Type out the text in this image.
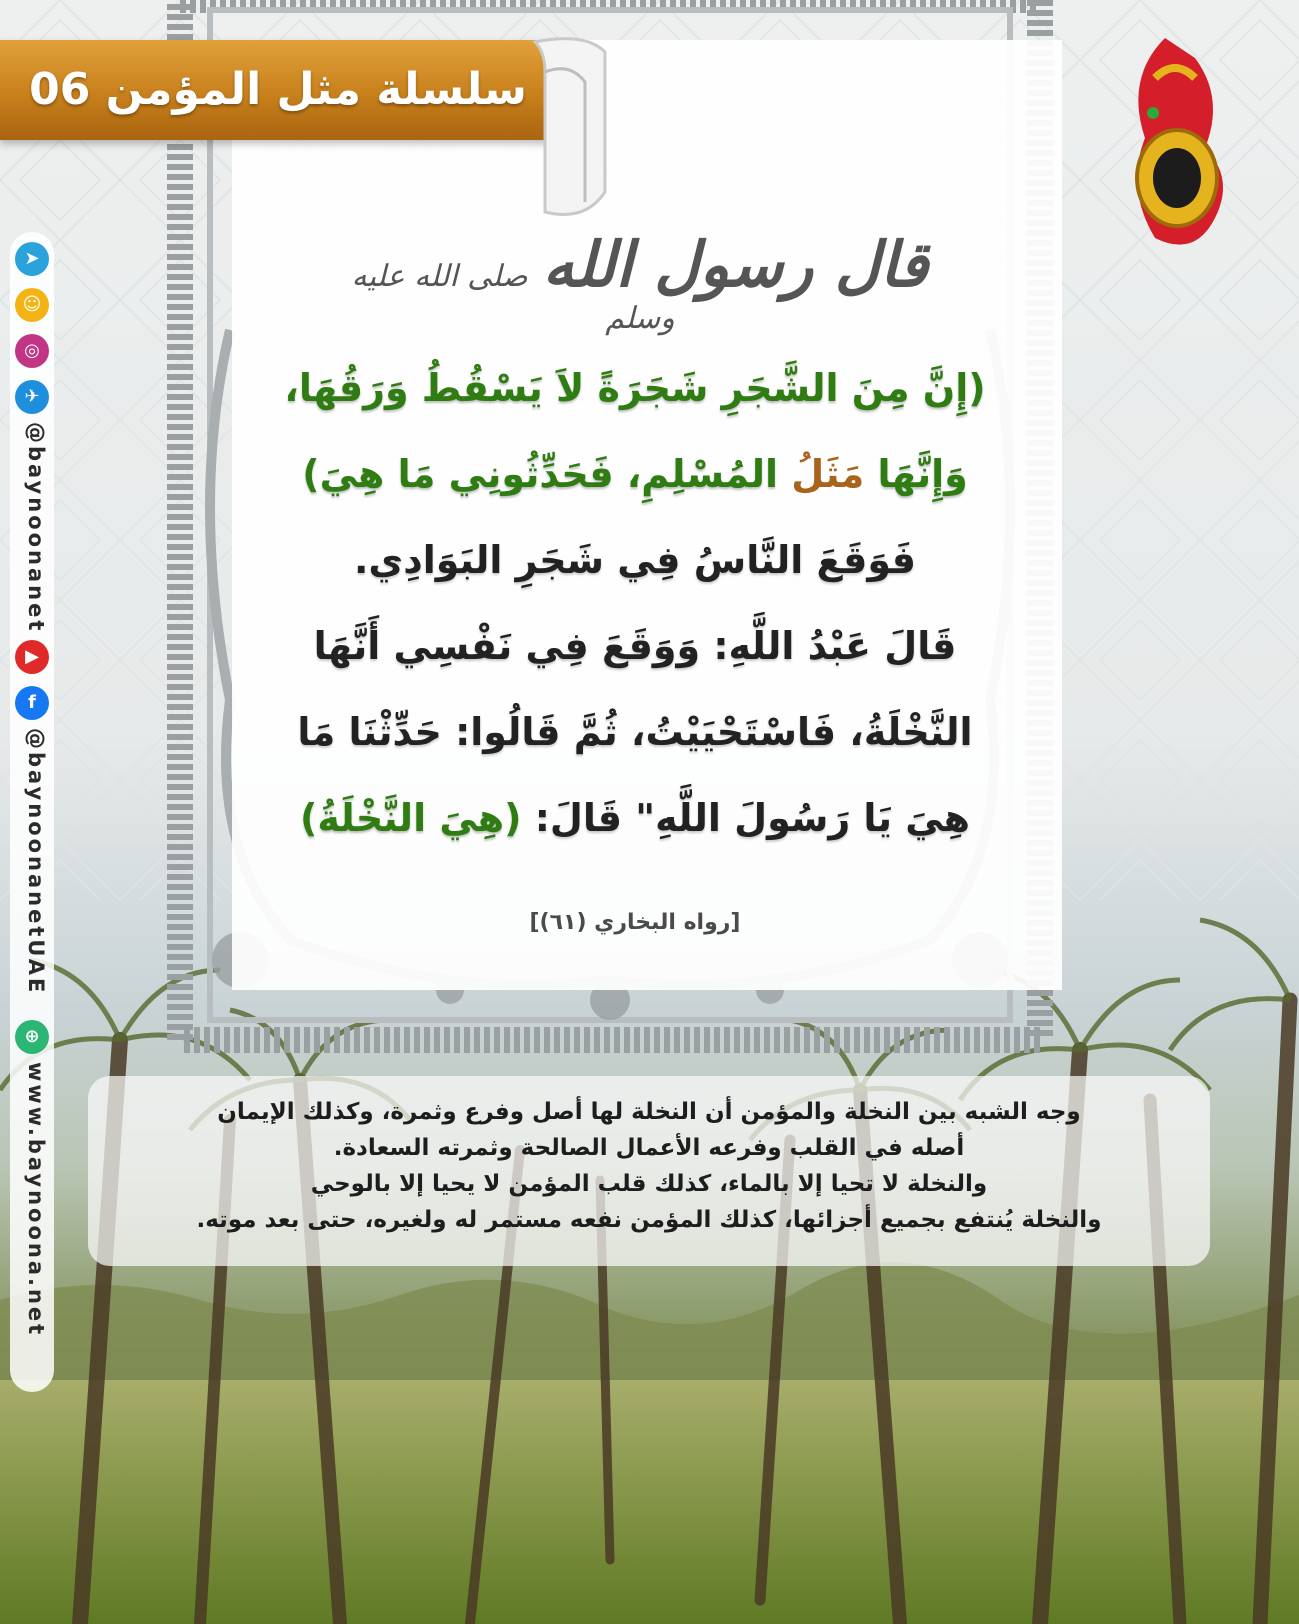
سلسلة مثل المؤمن 06
➤
☺
◎
✈
@baynoonanet
▶
f
@baynoonanetUAE
⊕
www.baynoona.net
قال رسول الله صلى الله عليه وسلم
(إِنَّ مِنَ الشَّجَرِ شَجَرَةً لاَ يَسْقُطُ وَرَقُهَا،
وَإِنَّهَا مَثَلُ المُسْلِمِ، فَحَدِّثُونِي مَا هِيَ)
فَوَقَعَ النَّاسُ فِي شَجَرِ البَوَادِي.
قَالَ عَبْدُ اللَّهِ: وَوَقَعَ فِي نَفْسِي أَنَّهَا
النَّخْلَةُ، فَاسْتَحْيَيْتُ، ثُمَّ قَالُوا: حَدِّثْنَا مَا
هِيَ يَا رَسُولَ اللَّهِ" قَالَ: (هِيَ النَّخْلَةُ)
[رواه البخاري (٦١)]

وجه الشبه بين النخلة والمؤمن أن النخلة لها أصل وفرع وثمرة، وكذلك الإيمان

أصله في القلب وفرعه الأعمال الصالحة وثمرته السعادة.

والنخلة لا تحيا إلا بالماء، كذلك قلب المؤمن لا يحيا إلا بالوحي

والنخلة يُنتفع بجميع أجزائها، كذلك المؤمن نفعه مستمر له ولغيره، حتى بعد موته.
